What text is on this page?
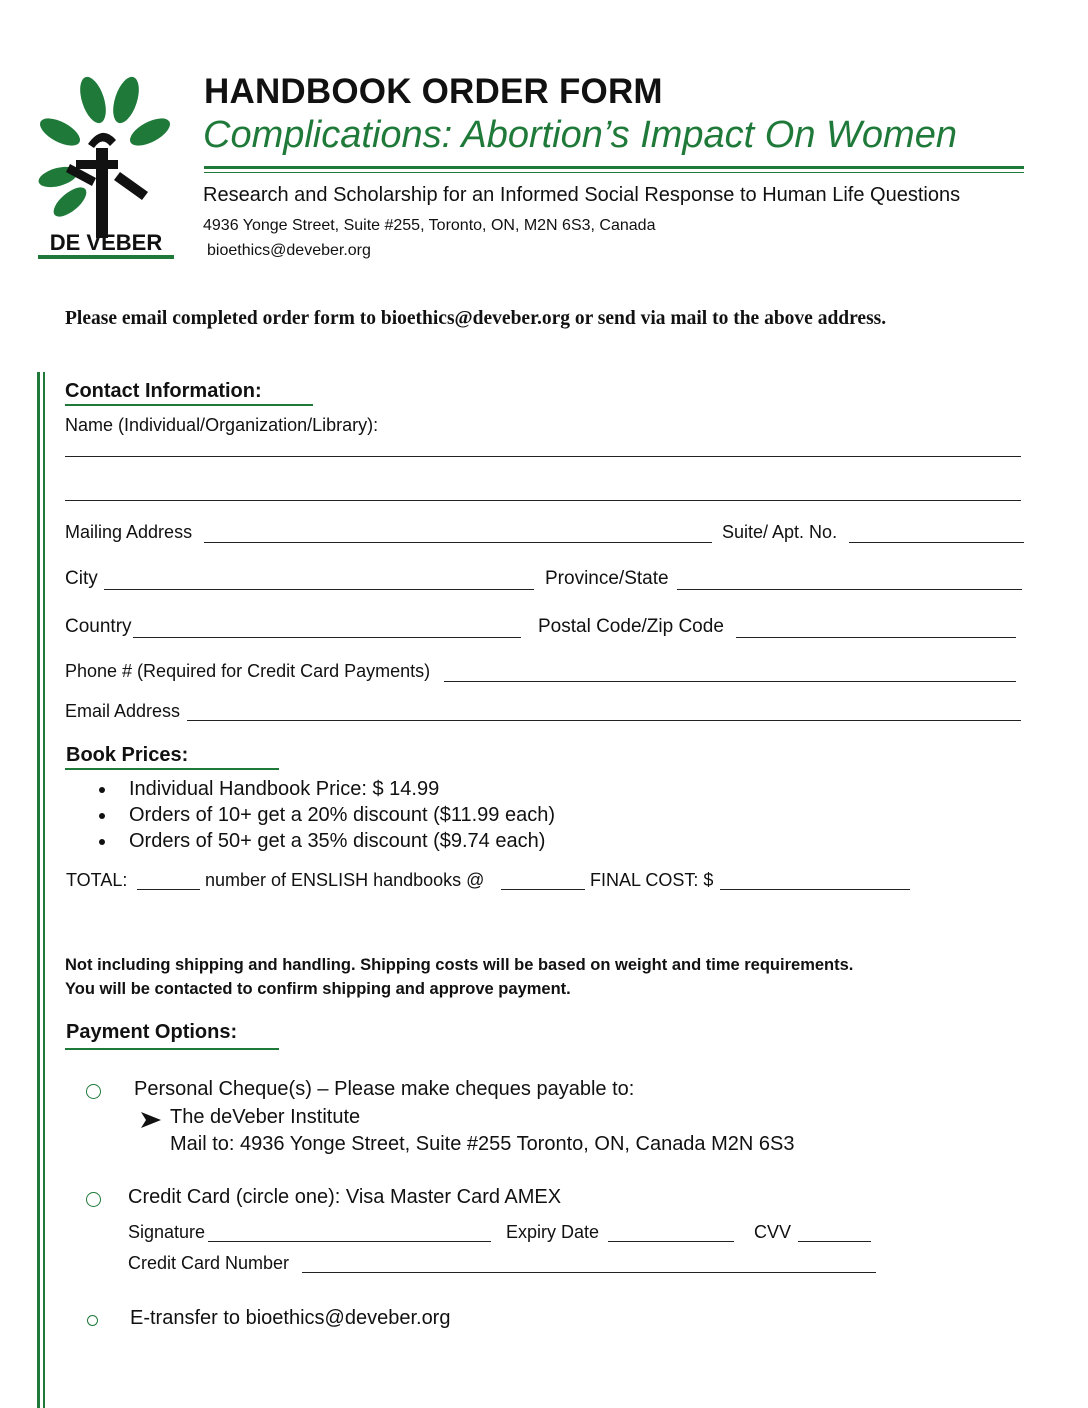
DE VEBER
HANDBOOK ORDER FORM
Complications: Abortion’s Impact On Women
Research and Scholarship for an Informed Social Response to Human Life Questions
4936 Yonge Street, Suite #255, Toronto, ON, M2N 6S3, Canada
bioethics@deveber.org
Please email completed order form to bioethics@deveber.org or send via mail to the above address.
Contact Information:
Name (Individual/Organization/Library):
Mailing Address	Suite/ Apt. No.
City	Province/State
Country	Postal Code/Zip Code
Phone # (Required for Credit Card Payments)
Email Address
Book Prices:
Individual Handbook Price: $ 14.99
Orders of 10+ get a 20% discount ($11.99 each)
Orders of 50+ get a 35% discount ($9.74 each)
TOTAL:	number of ENSLISH handbooks @	FINAL COST: $
Not including shipping and handling. Shipping costs will be based on weight and time requirements.
You will be contacted to confirm shipping and approve payment.
Payment Options:
Personal Cheque(s) – Please make cheques payable to:
The deVeber Institute
Mail to: 4936 Yonge Street, Suite #255 Toronto, ON, Canada M2N 6S3
Credit Card (circle one): Visa Master Card AMEX
Signature	Expiry Date	CVV
Credit Card Number
E-transfer to bioethics@deveber.org
